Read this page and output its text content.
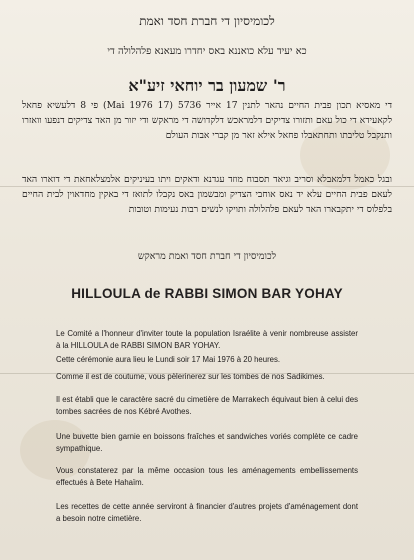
לכומיסיון די חברת חסד ואמת

כא יעיד עלא כואננא באס יחדרו מעאנא פלהלולה די

ר' שמעון בר יוחאי זיע"א

די מאסיא תכון פבית החיים נהאר לתנין 17 אייר 5736 (17 Mai 1976) פי 8 דלעשיא פחאל לקאעידא די כול עאם ותזורו צדיקים דלמראכש דלקדושה די מראקש ודי יזור מן האד צדיקים דנפעו וואזרו ותנקבל טליבתו ותחתאבלו פחאל אילא זאר מן קברי אבות העולם

ובגל כאמל דלמאבלא וסריב וגיאד תסבוח מוזד עגדנא ודאקים ויתו בעיניקים אלמצלאחאת די דוארו האד לעאם פבית החיים עלא יד נאס אוחבי הצדיק ומבשמון באס נקבלו לתואז די באקין מחדאוין לבית החיים בלפלוס די יתקבארו האד לעאם פלהלולה ותויקו לנשים רבות נעימות וטובות

לכומיסיון די חברת חסד ואמת מראקש

HILLOULA de RABBI SIMON BAR YOHAY

Le Comité a l'honneur d'inviter toute la population Israélite à venir nombreuse assister à la HILLOULA de RABBI SIMON BAR YOHAY.

Cette cérémonie aura lieu le Lundi soir 17 Mai 1976 à 20 heures.

Comme il est de coutume, vous pèlerinerez sur les tombes de nos Sadikimes.

Il est établi que le caractère sacré du cimetière de Marrakech équivaut bien à celui des tombes sacrées de nos Kébré Avothes.

Une buvette bien garnie en boissons fraîches et sandwiches voriés complète ce cadre sympathique.

Vous constaterez par la même occasion tous les aménagements embellissements effectués à Bete Hahaïm.

Les recettes de cette année serviront à financier d'autres projets d'aménagement dont a besoin notre cimetière.
